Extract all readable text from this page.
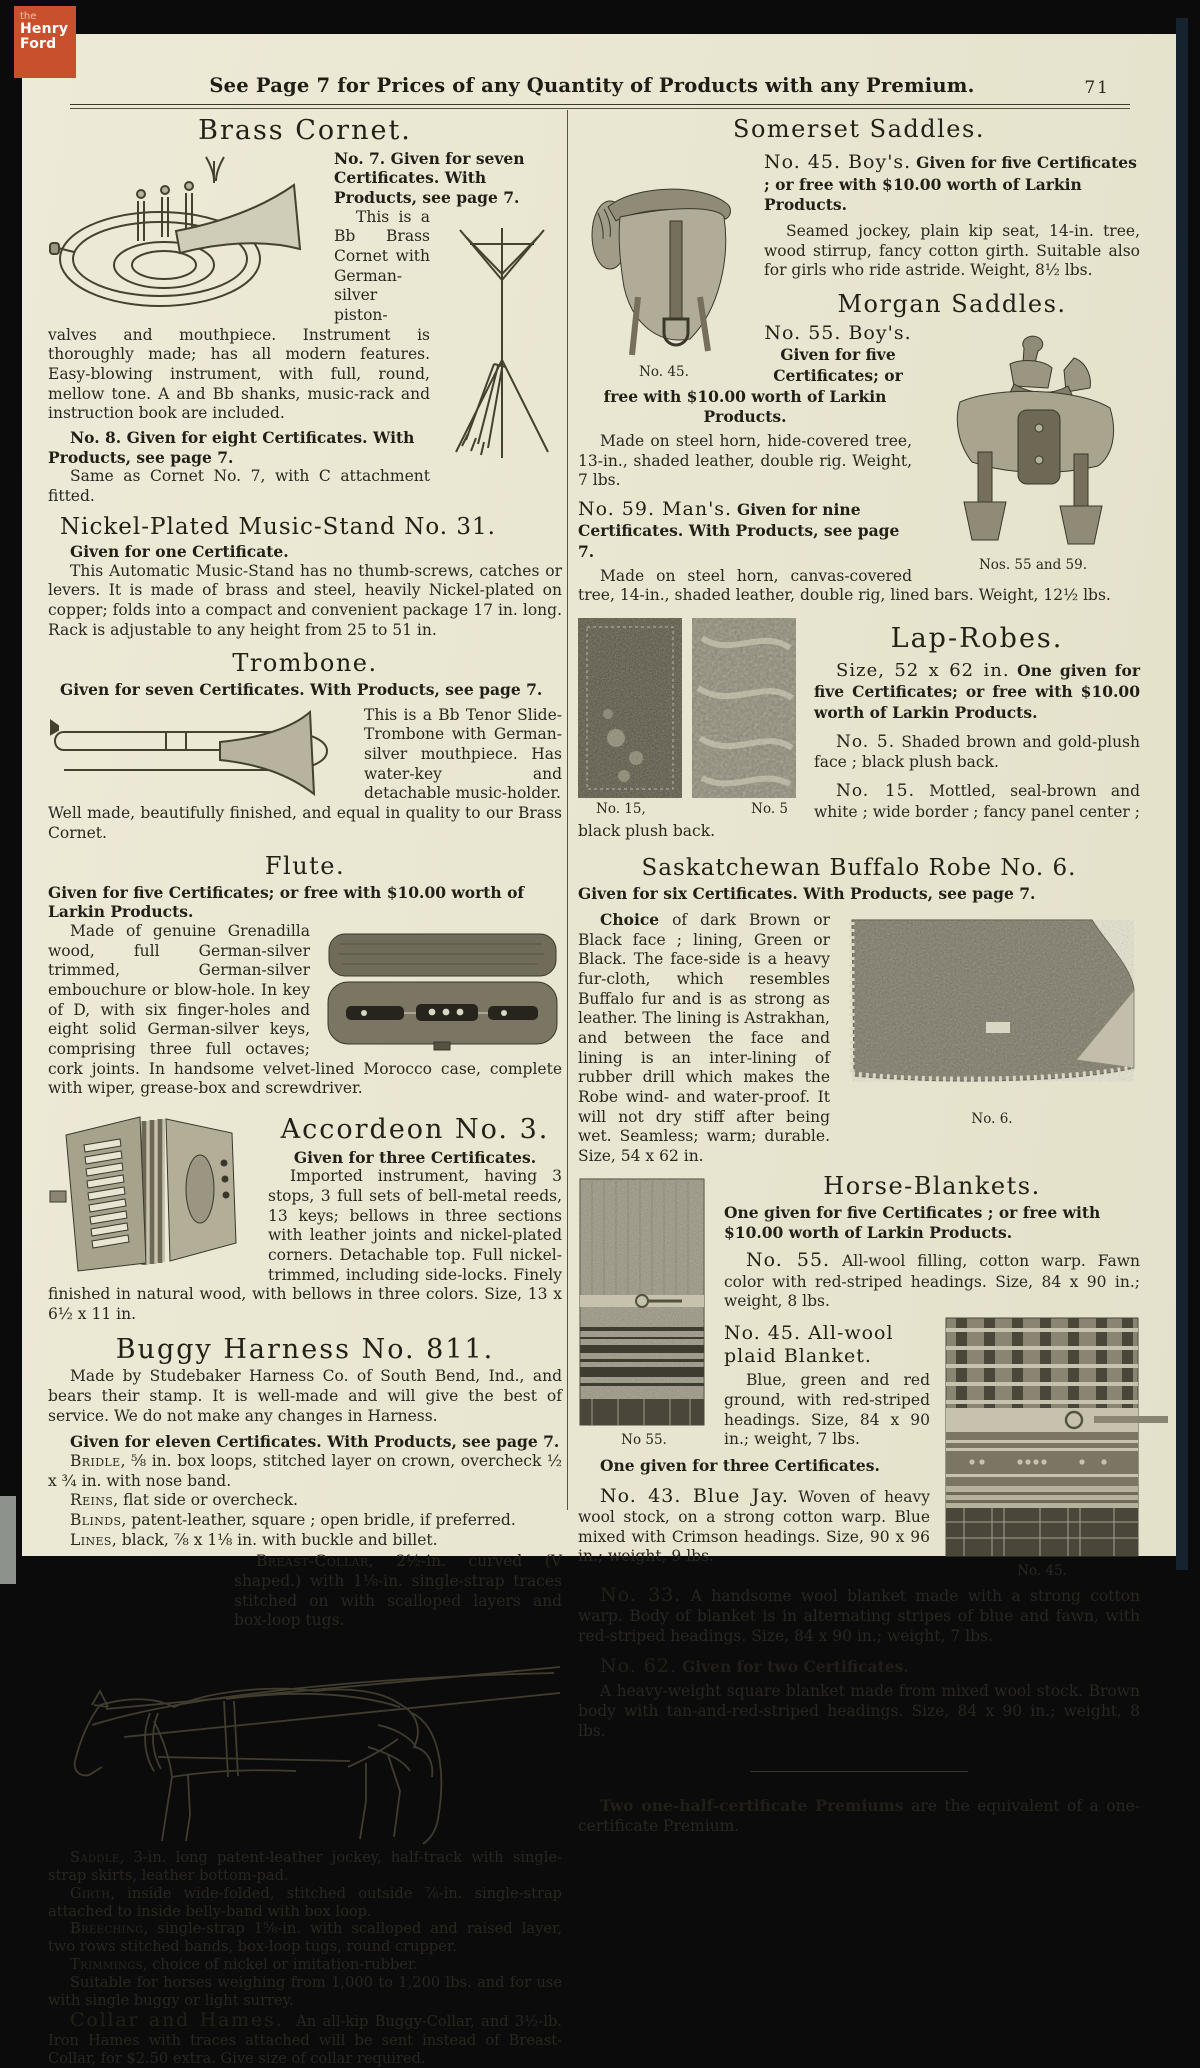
the
Henry
Ford
See Page 7 for Prices of any Quantity of Products with any Premium.	71
Brass Cornet.

No. 7. Given for seven Certificates. With Products, see page 7.

This is a Bb Brass Cornet with German-silver piston-valves and mouthpiece. Instrument is thoroughly made; has all modern features. Easy-blowing instrument, with full, round, mellow tone. A and Bb shanks, music-rack and instruction book are included.

No. 8. Given for eight Certificates. With Products, see page 7.

Same as Cornet No. 7, with C attachment fitted.

Nickel-Plated Music-Stand No. 31.

Given for one Certificate.

This Automatic Music-Stand has no thumb-screws, catches or levers. It is made of brass and steel, heavily Nickel-plated on copper; folds into a compact and convenient package 17 in. long. Rack is adjustable to any height from 25 to 51 in.

Trombone.

Given for seven Certificates. With Products, see page 7.

This is a Bb Tenor Slide-Trombone with German-silver mouthpiece. Has water-key and detachable music-holder.

Well made, beautifully finished, and equal in quality to our Brass Cornet.

Flute.

Given for five Certificates; or free with $10.00 worth of Larkin Products.

Made of genuine Grenadilla wood, full German-silver trimmed, German-silver embouchure or blow-hole. In key of D, with six finger-holes and eight solid German-silver keys, comprising three full octaves; cork joints. In handsome velvet-lined Morocco case, complete with wiper, grease-box and screwdriver.

Accordeon No. 3.

Given for three Certificates.

Imported instrument, having 3 stops, 3 full sets of bell-metal reeds, 13 keys; bellows in three sections with leather joints and nickel-plated corners. Detachable top. Full nickel-trimmed, including side-locks. Finely finished in natural wood, with bellows in three colors. Size, 13 x 6½ x 11 in.

Buggy Harness No. 811.

Made by Studebaker Harness Co. of South Bend, Ind., and bears their stamp. It is well-made and will give the best of service. We do not make any changes in Harness.

Given for eleven Certificates. With Products, see page 7.

Bridle, ⅝ in. box loops, stitched layer on crown, overcheck ½ x ¾ in. with nose band.

Reins, flat side or overcheck.

Blinds, patent-leather, square ; open bridle, if preferred.

Lines, black, ⅞ x 1⅛ in. with buckle and billet.

Breast-Collar, 2½-in. curved (V shaped.) with 1⅛-in. single-strap traces stitched on with scalloped layers and box-loop tugs.

Saddle, 3-in. long patent-leather jockey, half-track with single-strap skirts, leather bottom-pad.

Girth, inside wide-folded, stitched outside ⅞-in. single-strap attached to inside belly-band with box loop.

Breeching, single-strap 1⅝-in. with scalloped and raised layer, two rows stitched bands, box-loop tugs, round crupper.

Trimmings, choice of nickel or imitation-rubber.

Suitable for horses weighing from 1,000 to 1,200 lbs. and for use with single buggy or light surrey.

Collar and Hames. An all-kip Buggy-Collar, and 3½-lb. Iron Hames with traces attached will be sent instead of Breast-Collar, for $2.50 extra. Give size of collar required.

Somerset Saddles.
No. 45.

No. 45. Boy's. Given for five Certificates ; or free with $10.00 worth of Larkin Products.

Seamed jockey, plain kip seat, 14-in. tree, wood stirrup, fancy cotton girth. Suitable also for girls who ride astride. Weight, 8½ lbs.

Morgan Saddles.
Nos. 55 and 59.

No. 55. Boy's. Given for five Certificates; or free with $10.00 worth of Larkin Products.

Made on steel horn, hide-covered tree, 13-in., shaded leather, double rig. Weight, 7 lbs.

No. 59. Man's. Given for nine Certificates. With Products, see page 7.

Made on steel horn, canvas-covered tree, 14-in., shaded leather, double rig, lined bars. Weight, 12½ lbs.

No. 15,	No. 5
Lap-Robes.

Size, 52 x 62 in. One given for five Certificates; or free with $10.00 worth of Larkin Products.

No. 5. Shaded brown and gold-plush face ; black plush back.

No. 15. Mottled, seal-brown and white ; wide border ; fancy panel center ; black plush back.

Saskatchewan Buffalo Robe No. 6.

Given for six Certificates. With Products, see page 7.

No. 6.

Choice of dark Brown or Black face ; lining, Green or Black. The face-side is a heavy fur-cloth, which resembles Buffalo fur and is as strong as leather. The lining is Astrakhan, and between the face and lining is an inter-lining of rubber drill which makes the Robe wind- and water-proof. It will not dry stiff after being wet. Seamless; warm; durable. Size, 54 x 62 in.

No 55.
Horse-Blankets.

One given for five Certificates ; or free with $10.00 worth of Larkin Products.

No. 55. All-wool filling, cotton warp. Fawn color with red-striped headings. Size, 84 x 90 in.; weight, 8 lbs.

No. 45.
No. 45. All-wool plaid Blanket.

Blue, green and red ground, with red-striped headings. Size, 84 x 90 in.; weight, 7 lbs.

One given for three Certificates.

No. 43. Blue Jay. Woven of heavy wool stock, on a strong cotton warp. Blue mixed with Crimson headings. Size, 90 x 96 in.; weight, 9 lbs.

No. 33. A handsome wool blanket made with a strong cotton warp. Body of blanket is in alternating stripes of blue and fawn, with red-striped headings. Size, 84 x 90 in.; weight, 7 lbs.

No. 62. Given for two Certificates.

A heavy-weight square blanket made from mixed wool stock. Brown body with tan-and-red-striped headings. Size, 84 x 90 in.; weight, 8 lbs.

Two one-half-certificate Premiums are the equivalent of a one-certificate Premium.
